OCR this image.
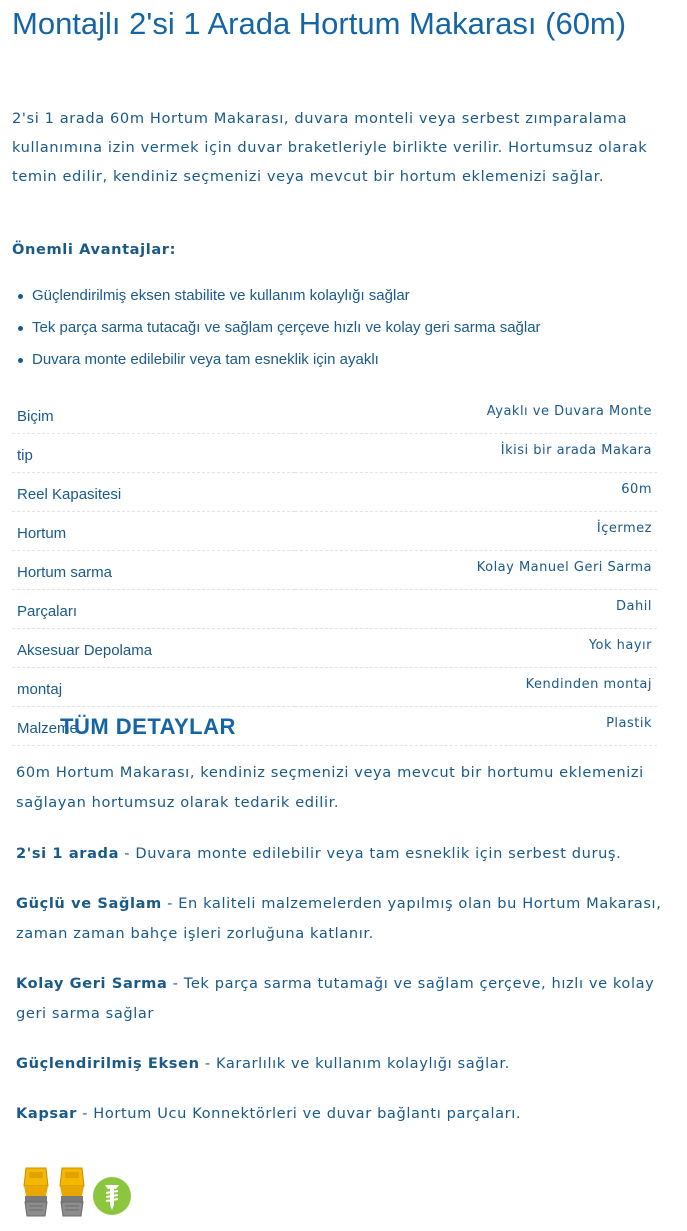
Montajlı 2'si 1 Arada Hortum Makarası (60m)

2'si 1 arada 60m Hortum Makarası, duvara monteli veya serbest zımparalama kullanımına izin vermek için duvar braketleriyle birlikte verilir. Hortumsuz olarak temin edilir, kendiniz seçmenizi veya mevcut bir hortum eklemenizi sağlar.

Önemli Avantajlar:

Güçlendirilmiş eksen stabilite ve kullanım kolaylığı sağlar
Tek parça sarma tutacağı ve sağlam çerçeve hızlı ve kolay geri sarma sağlar
Duvara monte edilebilir veya tam esneklik için ayaklı
Biçim	Ayaklı ve Duvara Monte
tip	İkisi bir arada Makara
Reel Kapasitesi	60m
Hortum	İçermez
Hortum sarma	Kolay Manuel Geri Sarma
Parçaları	Dahil
Aksesuar Depolama	Yok hayır
montaj	Kendinden montaj
Malzeme	Plastik
TÜM DETAYLAR

60m Hortum Makarası, kendiniz seçmenizi veya mevcut bir hortumu eklemenizi sağlayan hortumsuz olarak tedarik edilir.

2'si 1 arada - Duvara monte edilebilir veya tam esneklik için serbest duruş.

Güçlü ve Sağlam - En kaliteli malzemelerden yapılmış olan bu Hortum Makarası, zaman zaman bahçe işleri zorluğuna katlanır.

Kolay Geri Sarma - Tek parça sarma tutamağı ve sağlam çerçeve, hızlı ve kolay geri sarma sağlar

Güçlendirilmiş Eksen - Kararlılık ve kullanım kolaylığı sağlar.

Kapsar - Hortum Ucu Konnektörleri ve duvar bağlantı parçaları.
